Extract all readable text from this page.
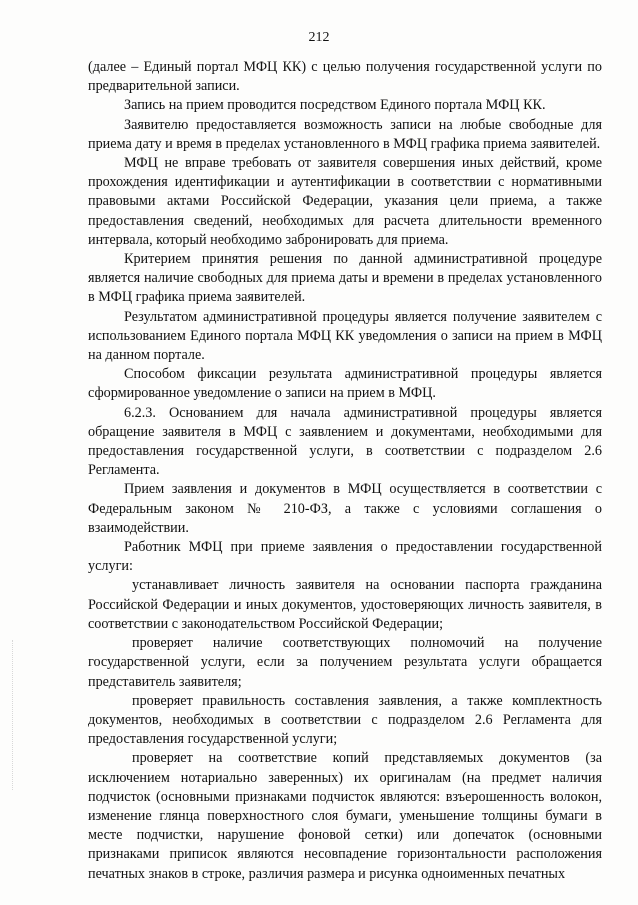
212

(далее – Единый портал МФЦ КК) с целью получения государственной услуги по предварительной записи.

Запись на прием проводится посредством Единого портала МФЦ КК.

Заявителю предоставляется возможность записи на любые свободные для приема дату и время в пределах установленного в МФЦ графика приема заявителей.

МФЦ не вправе требовать от заявителя совершения иных действий, кроме прохождения идентификации и аутентификации в соответствии с нормативными правовыми актами Российской Федерации, указания цели приема, а также предоставления сведений, необходимых для расчета длительности временного интервала, который необходимо забронировать для приема.

Критерием принятия решения по данной административной процедуре является наличие свободных для приема даты и времени в пределах установленного в МФЦ графика приема заявителей.

Результатом административной процедуры является получение заявителем с использованием Единого портала МФЦ КК уведомления о записи на прием в МФЦ на данном портале.

Способом фиксации результата административной процедуры является сформированное уведомление о записи на прием в МФЦ.

6.2.3. Основанием для начала административной процедуры является обращение заявителя в МФЦ с заявлением и документами, необходимыми для предоставления государственной услуги, в соответствии с подразделом 2.6 Регламента.

Прием заявления и документов в МФЦ осуществляется в соответствии с Федеральным законом № 210-ФЗ, а также с условиями соглашения о взаимодействии.

Работник МФЦ при приеме заявления о предоставлении государственной услуги:

устанавливает личность заявителя на основании паспорта гражданина Российской Федерации и иных документов, удостоверяющих личность заявителя, в соответствии с законодательством Российской Федерации;

проверяет наличие соответствующих полномочий на получение государственной услуги, если за получением результата услуги обращается представитель заявителя;

проверяет правильность составления заявления, а также комплектность документов, необходимых в соответствии с подразделом 2.6 Регламента для предоставления государственной услуги;

проверяет на соответствие копий представляемых документов (за исключением нотариально заверенных) их оригиналам (на предмет наличия подчисток (основными признаками подчисток являются: взъерошенность волокон, изменение глянца поверхностного слоя бумаги, уменьшение толщины бумаги в месте подчистки, нарушение фоновой сетки) или допечаток (основными признаками приписок являются несовпадение горизонтальности расположения печатных знаков в строке, различия размера и рисунка одноименных печатных
